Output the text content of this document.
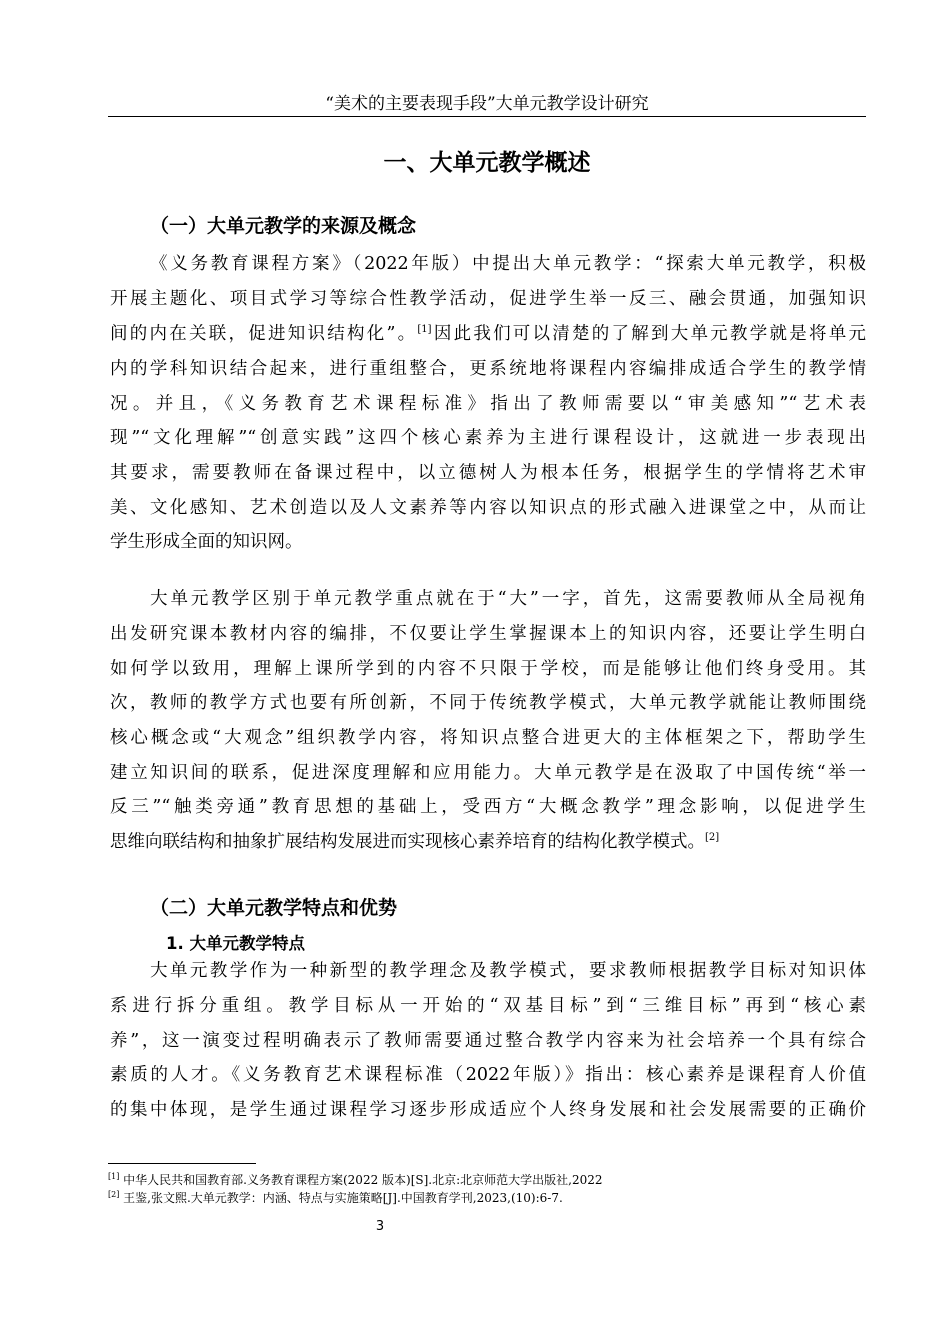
“美术的主要表现手段”大单元教学设计研究
一、大单元教学概述
（一）大单元教学的来源及概念
《义务教育课程方案》（2022年版）中提出大单元教学：“探索大单元教学，积极
开展主题化、项目式学习等综合性教学活动，促进学生举一反三、融会贯通，加强知识
间的内在关联，促进知识结构化”。[1]因此我们可以清楚的了解到大单元教学就是将单元
内的学科知识结合起来，进行重组整合，更系统地将课程内容编排成适合学生的教学情
况。并且，《义务教育艺术课程标准》指出了教师需要以“审美感知”“艺术表
现”“文化理解”“创意实践”这四个核心素养为主进行课程设计，这就进一步表现出
其要求，需要教师在备课过程中，以立德树人为根本任务，根据学生的学情将艺术审
美、文化感知、艺术创造以及人文素养等内容以知识点的形式融入进课堂之中，从而让
学生形成全面的知识网。
大单元教学区别于单元教学重点就在于“大”一字，首先，这需要教师从全局视角
出发研究课本教材内容的编排，不仅要让学生掌握课本上的知识内容，还要让学生明白
如何学以致用，理解上课所学到的内容不只限于学校，而是能够让他们终身受用。其
次，教师的教学方式也要有所创新，不同于传统教学模式，大单元教学就能让教师围绕
核心概念或“大观念”组织教学内容，将知识点整合进更大的主体框架之下，帮助学生
建立知识间的联系，促进深度理解和应用能力。大单元教学是在汲取了中国传统“举一
反三”“触类旁通”教育思想的基础上，受西方“大概念教学”理念影响，以促进学生
思维向联结构和抽象扩展结构发展进而实现核心素养培育的结构化教学模式。[2]
（二）大单元教学特点和优势
1. 大单元教学特点
大单元教学作为一种新型的教学理念及教学模式，要求教师根据教学目标对知识体
系进行拆分重组。教学目标从一开始的“双基目标”到“三维目标”再到“核心素
养”，这一演变过程明确表示了教师需要通过整合教学内容来为社会培养一个具有综合
素质的人才。《义务教育艺术课程标准（2022年版）》指出：核心素养是课程育人价值
的集中体现，是学生通过课程学习逐步形成适应个人终身发展和社会发展需要的正确价
[1] 中华人民共和国教育部.义务教育课程方案(2022 版本)[S].北京:北京师范大学出版社,2022
[2] 王鉴,张文熙.大单元教学：内涵、特点与实施策略[J].中国教育学刊,2023,(10):6-7.
3
